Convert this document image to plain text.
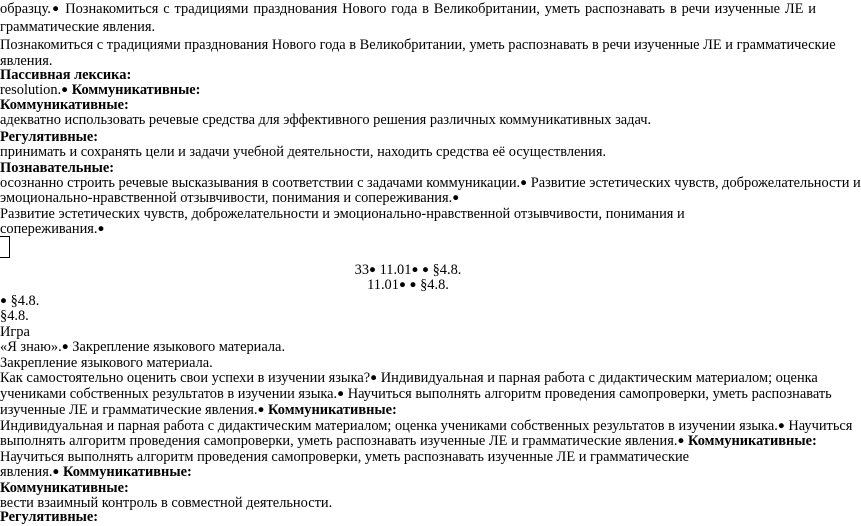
образцу.● Познакомиться с традициями празднования Нового года в Великобритании, уметь распознавать в речи изученные ЛЕ и
грамматические явления.
Познакомиться с традициями празднования Нового года в Великобритании, уметь распознавать в речи изученные ЛЕ и грамматические
явления.
Пассивная лексика:
resolution.● Коммуникативные:
Коммуникативные:
адекватно использовать речевые средства для эффективного решения различных коммуникативных задач.
Регулятивные:
принимать и сохранять цели и задачи учебной деятельности, находить средства её осуществления.
Познавательные:
осознанно строить речевые высказывания в соответствии с задачами коммуникации.● Развитие эстетических чувств, доброжелательности и
эмоционально-нравственной отзывчивости, понимания и сопереживания.●
Развитие эстетических чувств, доброжелательности и эмоционально-нравственной отзывчивости, понимания и
сопереживания.●
33● 11.01● ● §4.8.
11.01● ● §4.8.
● §4.8.
§4.8.
Игра
«Я знаю».● Закрепление языкового материала.
Закрепление языкового материала.
Как самостоятельно оценить свои успехи в изучении языка?● Индивидуальная и парная работа с дидактическим материалом; оценка
учениками собственных результатов в изучении языка.● Научиться выполнять алгоритм проведения самопроверки, уметь распознавать
изученные ЛЕ и грамматические явления.● Коммуникативные:
Индивидуальная и парная работа с дидактическим материалом; оценка учениками собственных результатов в изучении языка.● Научиться
выполнять алгоритм проведения самопроверки, уметь распознавать изученные ЛЕ и грамматические явления.● Коммуникативные:
Научиться выполнять алгоритм проведения самопроверки, уметь распознавать изученные ЛЕ и грамматические
явления.● Коммуникативные:
Коммуникативные:
вести взаимный контроль в совместной деятельности.
Регулятивные:
